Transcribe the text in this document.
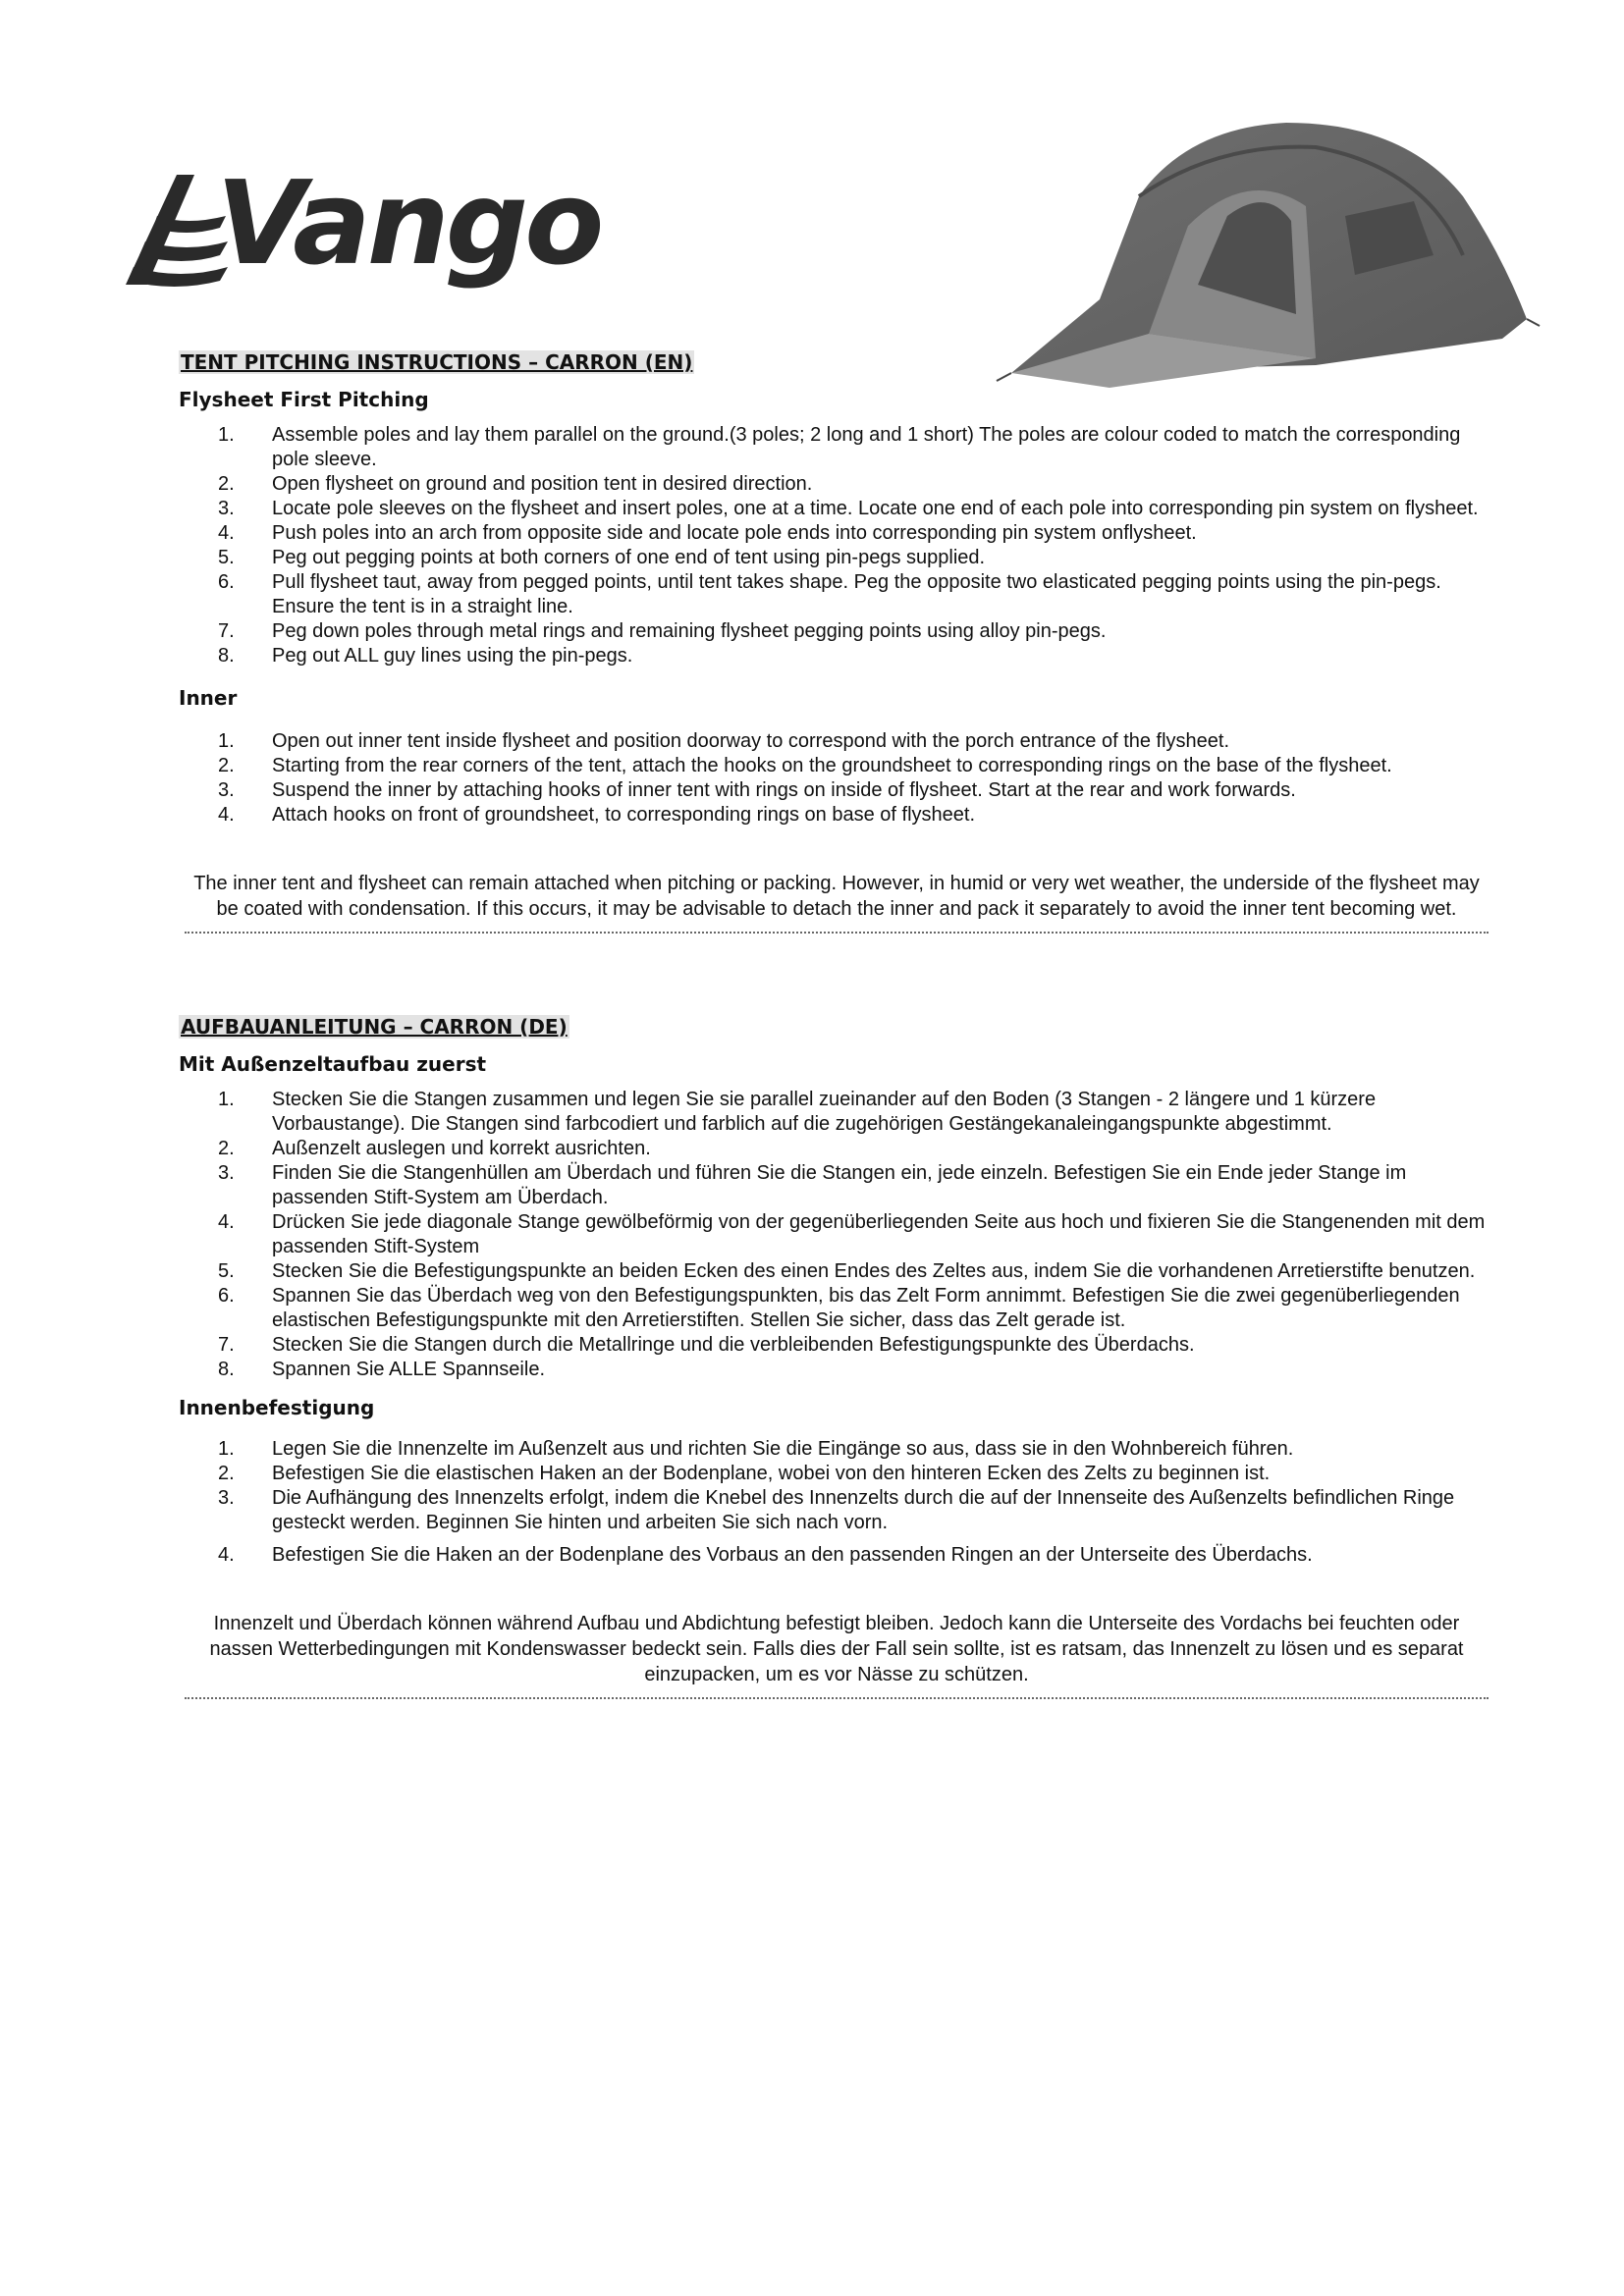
Vango
TENT PITCHING INSTRUCTIONS – CARRON (EN)
Flysheet First Pitching
1. Assemble poles and lay them parallel on the ground.(3 poles; 2 long and 1 short) The poles are colour coded to match the corresponding pole sleeve.
2. Open flysheet on ground and position tent in desired direction.
3. Locate pole sleeves on the flysheet and insert poles, one at a time. Locate one end of each pole into corresponding pin system on flysheet.
4. Push poles into an arch from opposite side and locate pole ends into corresponding pin system onflysheet.
5. Peg out pegging points at both corners of one end of tent using pin-pegs supplied.
6. Pull flysheet taut, away from pegged points, until tent takes shape. Peg the opposite two elasticated pegging points using the pin-pegs. Ensure the tent is in a straight line.
7. Peg down poles through metal rings and remaining flysheet pegging points using alloy pin-pegs.
8. Peg out ALL guy lines using the pin-pegs.
Inner
1. Open out inner tent inside flysheet and position doorway to correspond with the porch entrance of the flysheet.
2. Starting from the rear corners of the tent, attach the hooks on the groundsheet to corresponding rings on the base of the flysheet.
3. Suspend the inner by attaching hooks of inner tent with rings on inside of flysheet. Start at the rear and work forwards.
4. Attach hooks on front of groundsheet, to corresponding rings on base of flysheet.
The inner tent and flysheet can remain attached when pitching or packing. However, in humid or very wet weather, the underside of the flysheet may be coated with condensation. If this occurs, it may be advisable to detach the inner and pack it separately to avoid the inner tent becoming wet.
AUFBAUANLEITUNG – CARRON (DE)
Mit Außenzeltaufbau zuerst
1. Stecken Sie die Stangen zusammen und legen Sie sie parallel zueinander auf den Boden (3 Stangen - 2 längere und 1 kürzere Vorbaustange). Die Stangen sind farbcodiert und farblich auf die zugehörigen Gestängekanaleingangspunkte abgestimmt.
2. Außenzelt auslegen und korrekt ausrichten.
3. Finden Sie die Stangenhüllen am Überdach und führen Sie die Stangen ein, jede einzeln. Befestigen Sie ein Ende jeder Stange im passenden Stift-System am Überdach.
4. Drücken Sie jede diagonale Stange gewölbeförmig von der gegenüberliegenden Seite aus hoch und fixieren Sie die Stangenenden mit dem passenden Stift-System
5. Stecken Sie die Befestigungspunkte an beiden Ecken des einen Endes des Zeltes aus, indem Sie die vorhandenen Arretierstifte benutzen.
6. Spannen Sie das Überdach weg von den Befestigungspunkten, bis das Zelt Form annimmt. Befestigen Sie die zwei gegenüberliegenden elastischen Befestigungspunkte mit den Arretierstiften. Stellen Sie sicher, dass das Zelt gerade ist.
7. Stecken Sie die Stangen durch die Metallringe und die verbleibenden Befestigungspunkte des Überdachs.
8. Spannen Sie ALLE Spannseile.
Innenbefestigung
1. Legen Sie die Innenzelte im Außenzelt aus und richten Sie die Eingänge so aus, dass sie in den Wohnbereich führen.
2. Befestigen Sie die elastischen Haken an der Bodenplane, wobei von den hinteren Ecken des Zelts zu beginnen ist.
3. Die Aufhängung des Innenzelts erfolgt, indem die Knebel des Innenzelts durch die auf der Innenseite des Außenzelts befindlichen Ringe gesteckt werden. Beginnen Sie hinten und arbeiten Sie sich nach vorn.
4. Befestigen Sie die Haken an der Bodenplane des Vorbaus an den passenden Ringen an der Unterseite des Überdachs.
Innenzelt und Überdach können während Aufbau und Abdichtung befestigt bleiben. Jedoch kann die Unterseite des Vordachs bei feuchten oder nassen Wetterbedingungen mit Kondenswasser bedeckt sein. Falls dies der Fall sein sollte, ist es ratsam, das Innenzelt zu lösen und es separat einzupacken, um es vor Nässe zu schützen.
